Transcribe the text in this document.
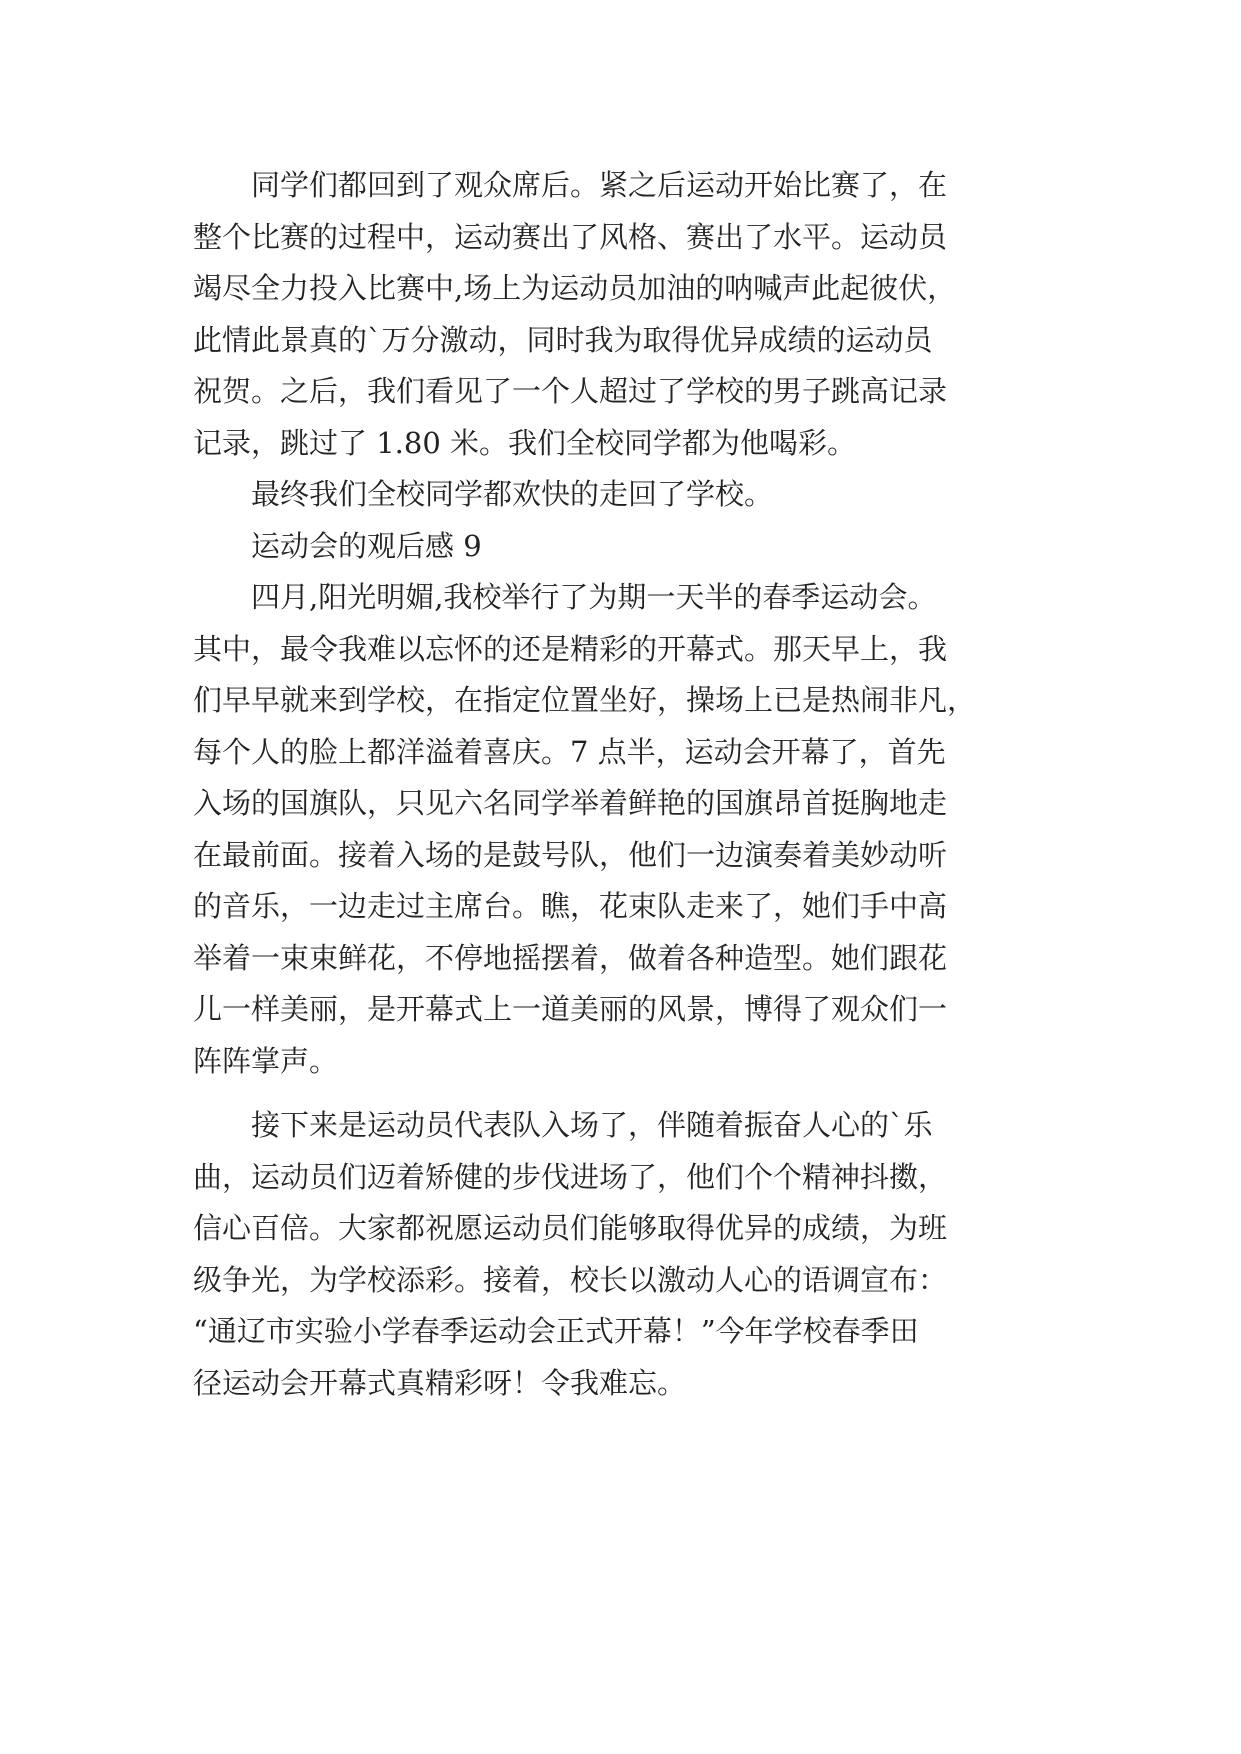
同学们都回到了观众席后。紧之后运动开始比赛了，在
整个比赛的过程中，运动赛出了风格、赛出了水平。运动员
竭尽全力投入比赛中,场上为运动员加油的呐喊声此起彼伏，
此情此景真的`万分激动，同时我为取得优异成绩的运动员
祝贺。之后，我们看见了一个人超过了学校的男子跳高记录
记录，跳过了 1.80 米。我们全校同学都为他喝彩。
最终我们全校同学都欢快的走回了学校。
运动会的观后感 9
四月,阳光明媚,我校举行了为期一天半的春季运动会。
其中，最令我难以忘怀的还是精彩的开幕式。那天早上，我
们早早就来到学校，在指定位置坐好，操场上已是热闹非凡，
每个人的脸上都洋溢着喜庆。7 点半，运动会开幕了，首先
入场的国旗队，只见六名同学举着鲜艳的国旗昂首挺胸地走
在最前面。接着入场的是鼓号队，他们一边演奏着美妙动听
的音乐，一边走过主席台。瞧，花束队走来了，她们手中高
举着一束束鲜花，不停地摇摆着，做着各种造型。她们跟花
儿一样美丽，是开幕式上一道美丽的风景，博得了观众们一
阵阵掌声。
接下来是运动员代表队入场了，伴随着振奋人心的`乐
曲，运动员们迈着矫健的步伐进场了，他们个个精神抖擞，
信心百倍。大家都祝愿运动员们能够取得优异的成绩，为班
级争光，为学校添彩。接着，校长以激动人心的语调宣布：
“通辽市实验小学春季运动会正式开幕！”今年学校春季田
径运动会开幕式真精彩呀！令我难忘。
